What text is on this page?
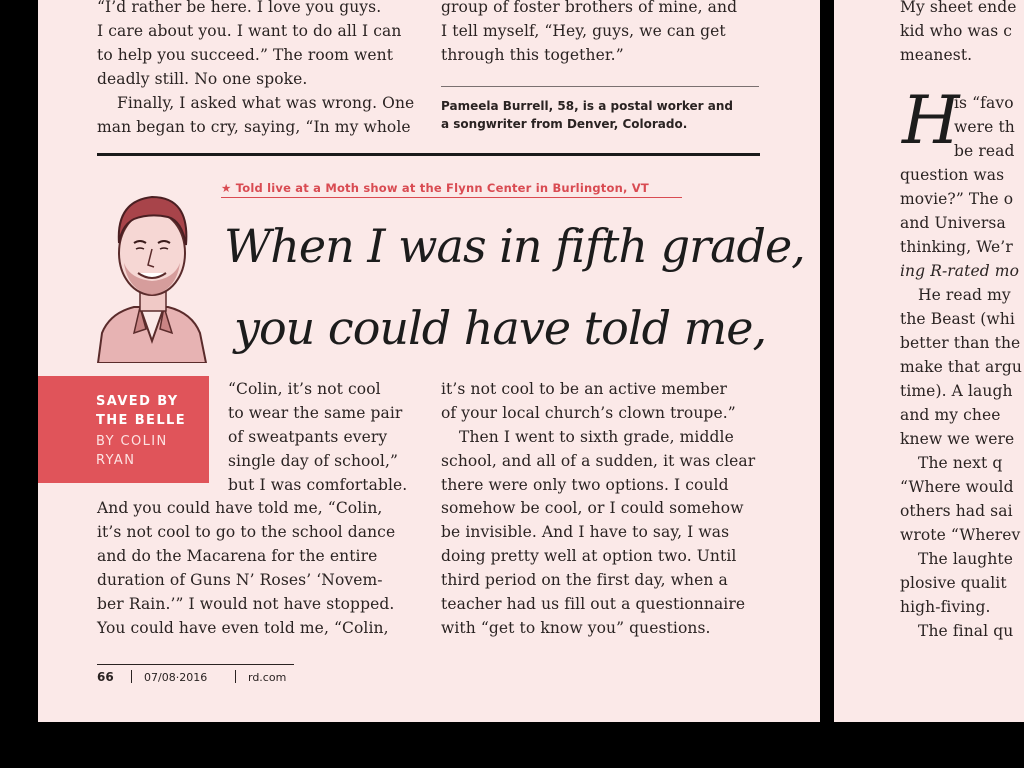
“I’d rather be here. I love you guys.
I care about you. I want to do all I can
to help you succeed.” The room went
deadly still. No one spoke.
Finally, I asked what was wrong. One
man began to cry, saying, “In my whole
group of foster brothers of mine, and
I tell myself, “Hey, guys, we can get
through this together.”
Pameela Burrell, 58, is a postal worker and
a songwriter from Denver, Colorado.
★ Told live at a Moth show at the Flynn Center in Burlington, VT
When I was in fifth grade,
you could have told me,
SAVED BY
THE BELLE
BY COLIN
RYAN
“Colin, it’s not cool
to wear the same pair
of sweatpants every
single day of school,”
but I was comfortable.
And you could have told me, “Colin,
it’s not cool to go to the school dance
and do the Macarena for the entire
duration of Guns N’ Roses’ ‘Novem-
ber Rain.’” I would not have stopped.
You could have even told me, “Colin,
it’s not cool to be an active member
of your local church’s clown troupe.”
Then I went to sixth grade, middle
school, and all of a sudden, it was clear
there were only two options. I could
somehow be cool, or I could somehow
be invisible. And I have to say, I was
doing pretty well at option two. Until
third period on the first day, when a
teacher had us fill out a questionnaire
with “get to know you” questions.
66	07/08·2016	rd.com
My sheet ende
kid who was c
meanest.
H
is “favo
were th
be read
question was
movie?” The o
and Universa
thinking, We’r
ing R-rated mo
He read my
the Beast (whi
better than the
make that argu
time). A laugh
and my chee
knew we were
The next q
“Where would
others had sai
wrote “Wherev
The laughte
plosive qualit
high-fiving.
The final qu
